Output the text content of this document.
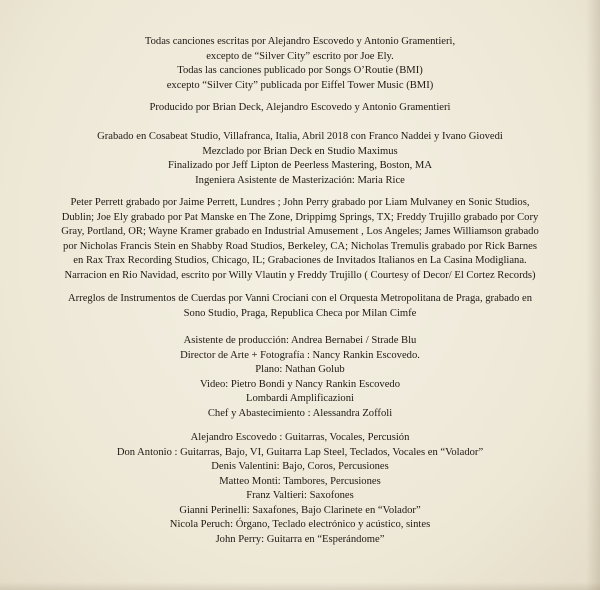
Todas canciones escritas por Alejandro Escovedo y Antonio Gramentieri,
excepto de “Silver City” escrito por Joe Ely.
Todas las canciones publicado por Songs O’Routie (BMI)
excepto “Silver City” publicada por Eiffel Tower Music (BMI)
Producido por Brian Deck, Alejandro Escovedo y Antonio Gramentieri
Grabado en Cosabeat Studio, Villafranca, Italia, Abril 2018 con Franco Naddei y Ivano Giovedi
Mezclado por Brian Deck en Studio Maximus
Finalizado por Jeff Lipton de Peerless Mastering, Boston, MA
Ingeniera Asistente de Masterización: Maria Rice
Peter Perrett grabado por Jaime Perrett, Lundres ; John Perry grabado por Liam Mulvaney en Sonic Studios,
Dublin; Joe Ely grabado por Pat Manske en The Zone, Drippimg Springs, TX; Freddy Trujillo grabado por Cory
Gray, Portland, OR; Wayne Kramer grabado en Industrial Amusement , Los Angeles; James Williamson grabado
por Nicholas Francis Stein en Shabby Road Studios, Berkeley, CA; Nicholas Tremulis grabado por Rick Barnes
en Rax Trax Recording Studios, Chicago, IL; Grabaciones de Invitados Italianos en La Casina Modigliana.
Narracion en Rio Navidad, escrito por Willy Vlautin y Freddy Trujillo ( Courtesy of Decor/ El Cortez Records)
Arreglos de Instrumentos de Cuerdas por Vanni Crociani con el Orquesta Metropolitana de Praga, grabado en
Sono Studio, Praga, Republica Checa por Milan Cimfe
Asistente de producción: Andrea Bernabei / Strade Blu
Director de Arte + Fotografía : Nancy Rankin Escovedo.
Plano: Nathan Golub
Video: Pietro Bondi y Nancy Rankin Escovedo
Lombardi Amplificazioni
Chef y Abastecimiento : Alessandra Zoffoli
Alejandro Escovedo : Guitarras, Vocales, Percusión
Don Antonio : Guitarras, Bajo, VI, Guitarra Lap Steel, Teclados, Vocales en “Volador”
Denis Valentini: Bajo, Coros, Percusiones
Matteo Monti: Tambores, Percusiones
Franz Valtieri: Saxofones
Gianni Perinelli: Saxafones, Bajo Clarinete en “Volador”
Nicola Peruch: Órgano, Teclado electrónico y acústico, sintes
John Perry: Guitarra en “Esperándome”
